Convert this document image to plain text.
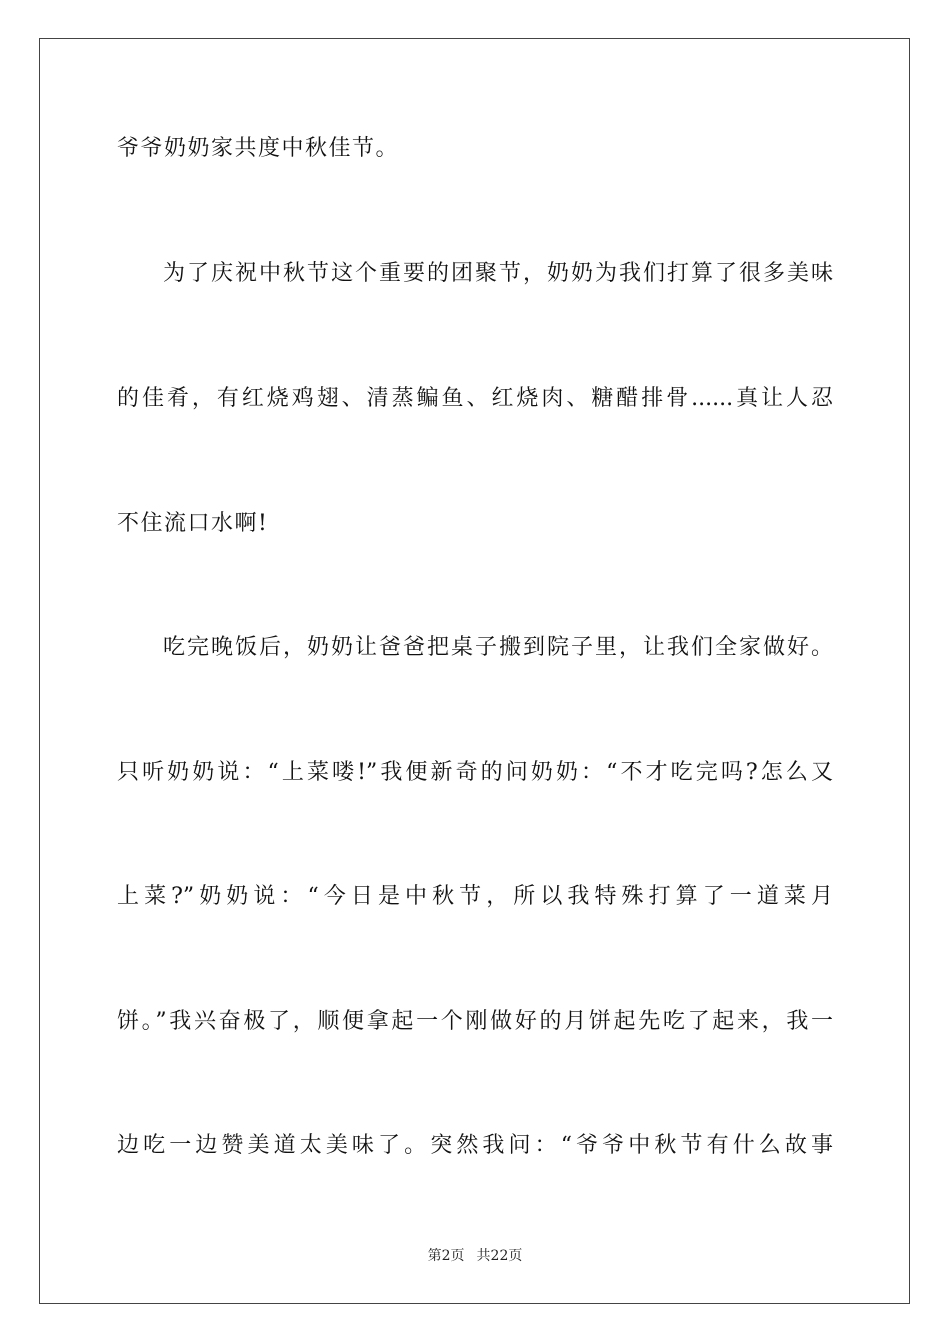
爷爷奶奶家共度中秋佳节。
为了庆祝中秋节这个重要的团聚节，奶奶为我们打算了很多美味
的佳肴，有红烧鸡翅、清蒸鳊鱼、红烧肉、糖醋排骨......真让人忍
不住流口水啊!
吃完晚饭后，奶奶让爸爸把桌子搬到院子里，让我们全家做好。
只听奶奶说：“上菜喽!”我便新奇的问奶奶：“不才吃完吗?怎么又
上菜?”奶奶说：“今日是中秋节，所以我特殊打算了一道菜月
饼。”我兴奋极了，顺便拿起一个刚做好的月饼起先吃了起来，我一
边吃一边赞美道太美味了。突然我问：“爷爷中秋节有什么故事
第2页 共22页
